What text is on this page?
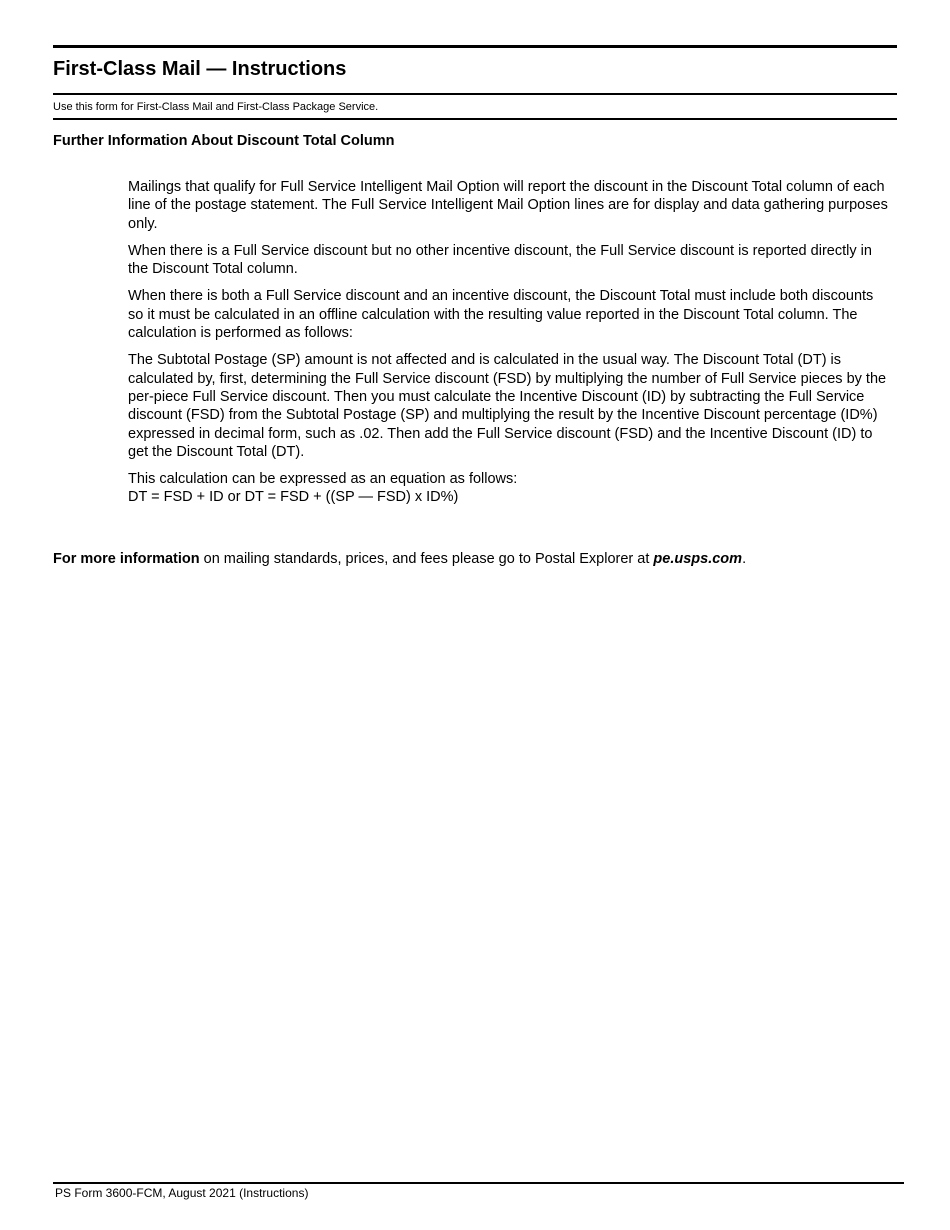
First-Class Mail — Instructions
Use this form for First-Class Mail and First-Class Package Service.
Further Information About Discount Total Column

Mailings that qualify for Full Service Intelligent Mail Option will report the discount in the Discount Total column of each line of the postage statement. The Full Service Intelligent Mail Option lines are for display and data gathering purposes only.

When there is a Full Service discount but no other incentive discount, the Full Service discount is reported directly in the Discount Total column.

When there is both a Full Service discount and an incentive discount, the Discount Total must include both discounts so it must be calculated in an offline calculation with the resulting value reported in the Discount Total column. The calculation is performed as follows:

The Subtotal Postage (SP) amount is not affected and is calculated in the usual way. The Discount Total (DT) is calculated by, first, determining the Full Service discount (FSD) by multiplying the number of Full Service pieces by the per-piece Full Service discount. Then you must calculate the Incentive Discount (ID) by subtracting the Full Service discount (FSD) from the Subtotal Postage (SP) and multiplying the result by the Incentive Discount percentage (ID%) expressed in decimal form, such as .02. Then add the Full Service discount (FSD) and the Incentive Discount (ID) to get the Discount Total (DT).

This calculation can be expressed as an equation as follows:

DT = FSD + ID or DT = FSD + ((SP — FSD) x ID%)

For more information on mailing standards, prices, and fees please go to Postal Explorer at pe.usps.com.
PS Form 3600-FCM, August 2021 (Instructions)
